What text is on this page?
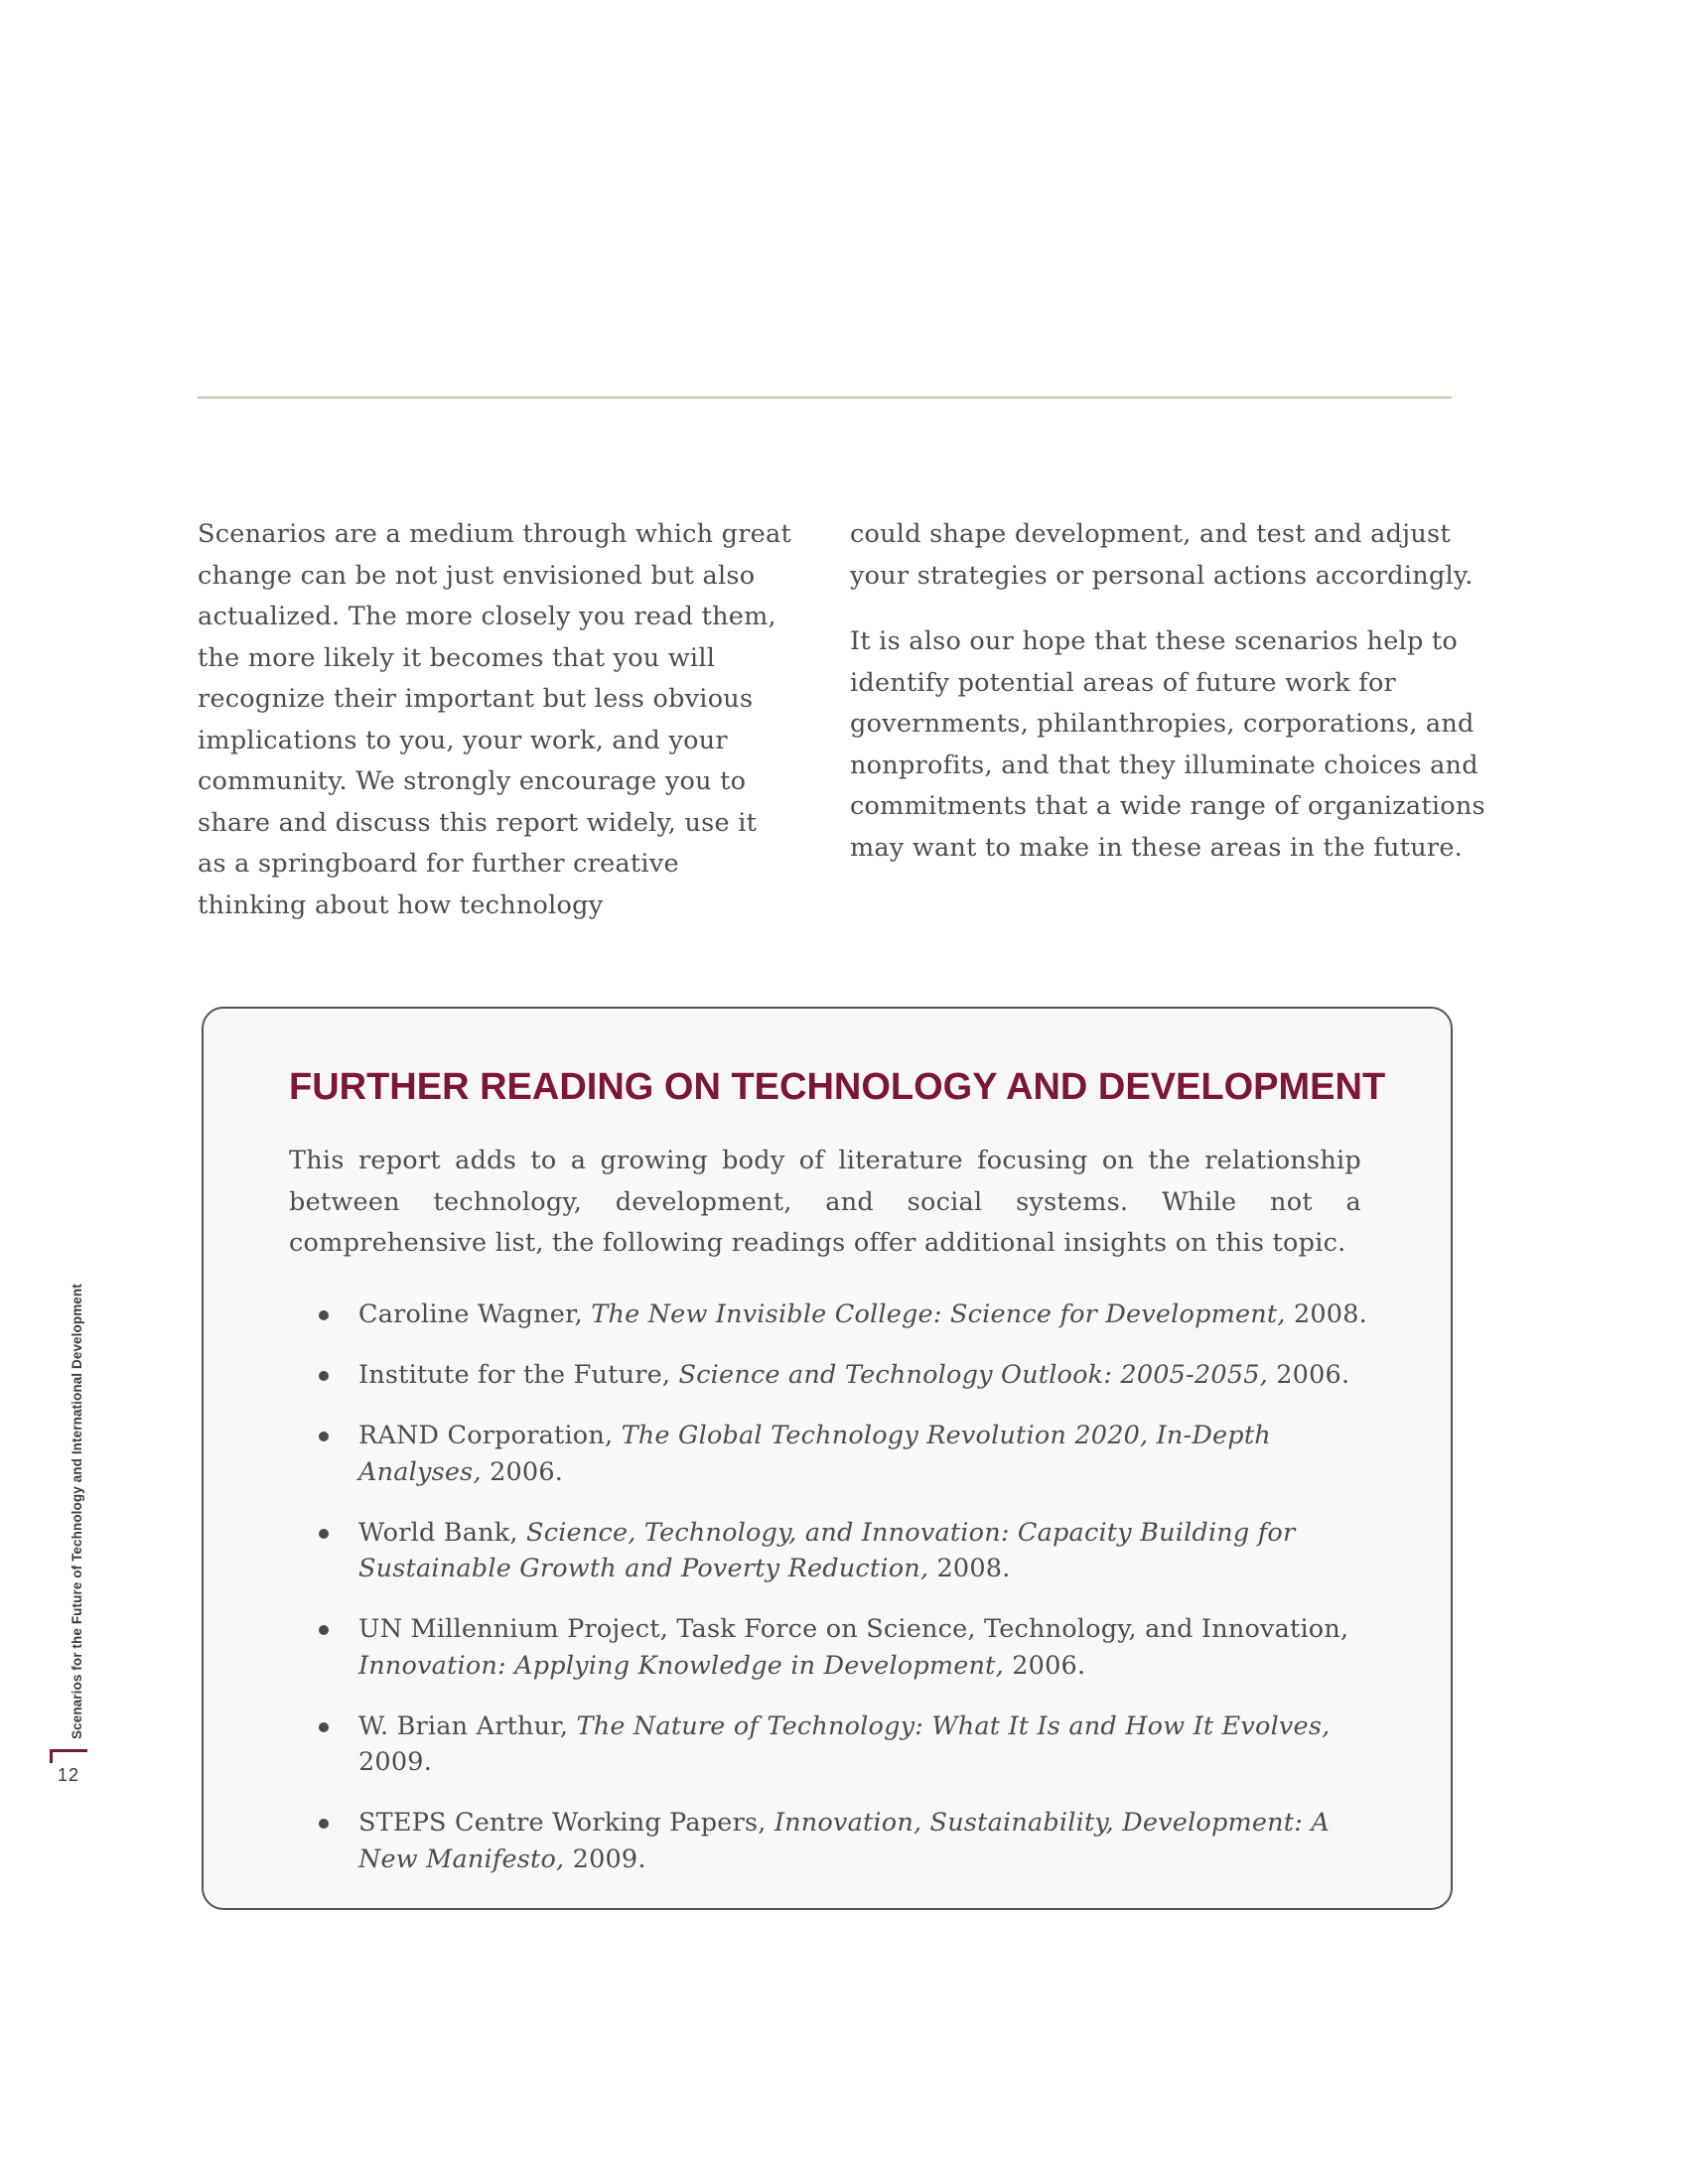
Scenarios are a medium through which great change can be not just envisioned but also actualized. The more closely you read them, the more likely it becomes that you will recognize their important but less obvious implications to you, your work, and your community. We strongly encourage you to share and discuss this report widely, use it as a springboard for further creative thinking about how technology

could shape development, and test and adjust your strategies or personal actions accordingly.

It is also our hope that these scenarios help to identify potential areas of future work for governments, philanthropies, corporations, and nonprofits, and that they illuminate choices and commitments that a wide range of organizations may want to make in these areas in the future.

FURTHER READING ON TECHNOLOGY AND DEVELOPMENT

This report adds to a growing body of literature focusing on the relationship between technology, development, and social systems. While not a comprehensive list, the following readings offer additional insights on this topic.

Caroline Wagner, The New Invisible College: Science for Development, 2008.
Institute for the Future, Science and Technology Outlook: 2005-2055, 2006.
RAND Corporation, The Global Technology Revolution 2020, In-Depth Analyses, 2006.
World Bank, Science, Technology, and Innovation: Capacity Building for Sustainable Growth and Poverty Reduction, 2008.
UN Millennium Project, Task Force on Science, Technology, and Innovation, Innovation: Applying Knowledge in Development, 2006.
W. Brian Arthur, The Nature of Technology: What It Is and How It Evolves, 2009.
STEPS Centre Working Papers, Innovation, Sustainability, Development: A New Manifesto, 2009.
Scenarios for the Future of Technology and International Development
12
